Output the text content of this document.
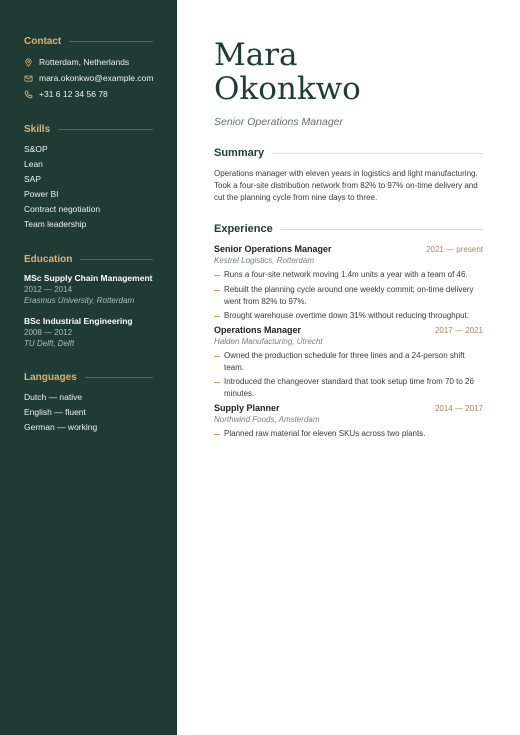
Contact
Rotterdam, Netherlands
mara.okonkwo@example.com
+31 6 12 34 56 78
Skills
S&OP
Lean
SAP
Power BI
Contract negotiation
Team leadership
Education
MSc Supply Chain Management
2012 — 2014
Erasmus University, Rotterdam
BSc Industrial Engineering
2008 — 2012
TU Delft, Delft
Languages
Dutch — native
English — fluent
German — working
Mara
Okonkwo
Senior Operations Manager
Summary
Operations manager with eleven years in logistics and light manufacturing. Took a four-site distribution network from 82% to 97% on-time delivery and cut the planning cycle from nine days to three.
Experience
Senior Operations Manager	2021 — present
Kestrel Logistics, Rotterdam
Runs a four-site network moving 1.4m units a year with a team of 46.
Rebuilt the planning cycle around one weekly commit; on-time delivery went from 82% to 97%.
Brought warehouse overtime down 31% without reducing throughput.
Operations Manager	2017 — 2021
Halden Manufacturing, Utrecht
Owned the production schedule for three lines and a 24-person shift team.
Introduced the changeover standard that took setup time from 70 to 26 minutes.
Supply Planner	2014 — 2017
Northwind Foods, Amsterdam
Planned raw material for eleven SKUs across two plants.
